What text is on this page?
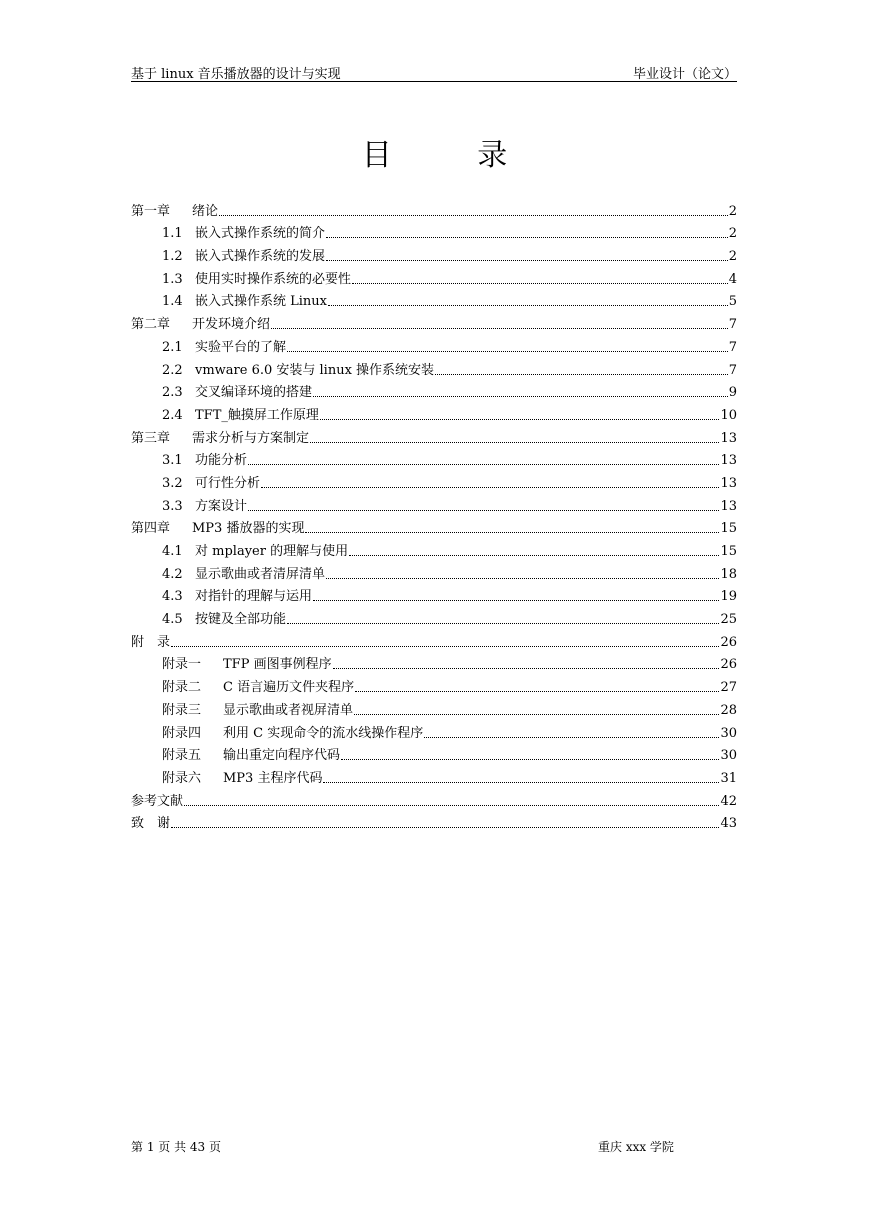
基于 linux 音乐播放器的设计与实现	毕业设计（论文）
目 录
第一章	绪论	2
1.1 嵌入式操作系统的简介	2
1.2 嵌入式操作系统的发展	2
1.3 使用实时操作系统的必要性	4
1.4 嵌入式操作系统 Linux	5
第二章	开发环境介绍	7
2.1 实验平台的了解	7
2.2 vmware 6.0 安装与 linux 操作系统安装	7
2.3 交叉编译环境的搭建	9
2.4 TFT_触摸屏工作原理	10
第三章	需求分析与方案制定	13
3.1 功能分析	13
3.2 可行性分析	13
3.3 方案设计	13
第四章	MP3 播放器的实现	15
4.1 对 mplayer 的理解与使用	15
4.2 显示歌曲或者清屏清单	18
4.3 对指针的理解与运用	19
4.5 按键及全部功能	25
附　录	26
附录一	TFP 画图事例程序	26
附录二	C 语言遍历文件夹程序	27
附录三	显示歌曲或者视屏清单	28
附录四	利用 C 实现命令的流水线操作程序	30
附录五	输出重定向程序代码	30
附录六	MP3 主程序代码	31
参考文献	42
致　谢	43
第 1 页 共 43 页	重庆 xxx 学院
